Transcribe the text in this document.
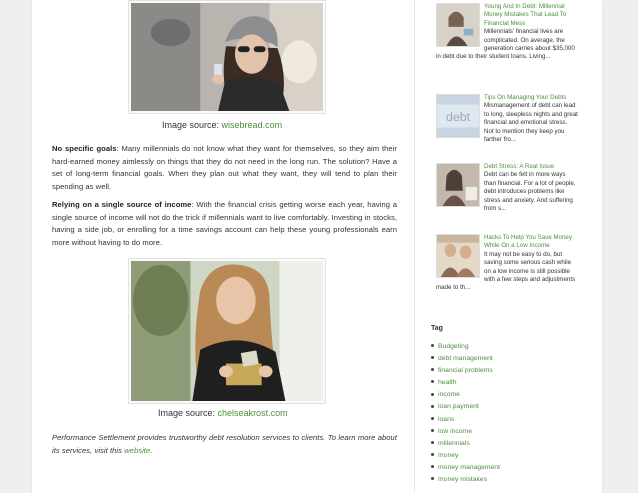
Image source: wisebread.com
No specific goals: Many millennials do not know what they want for themselves, so they aim their hard-earned money aimlessly on things that they do not need in the long run. The solution? Have a set of long-term financial goals. When they plan out what they want, they will tend to plan their spending as well.
Relying on a single source of income: With the financial crisis getting worse each year, having a single source of income will not do the trick if millennials want to live comfortably. Investing in stocks, having a side job, or enrolling for a time savings account can help these young professionals earn more without having to do more.
Image source: chelseakrost.com
Performance Settlement provides trustworthy debt resolution services to clients. To learn more about its services, visit this website.
Young And In Debt: Millennial Money Mistakes That Lead To Financial Mess
Millennials' financial lives are complicated. On average, the generation carries about $35,000 in debt due to their student loans. Living...
debt
Tips On Managing Your Debts
Mismanagement of debt can lead to long, sleepless nights and great financial and emotional stress. Not to mention they keep you farther fro...
Debt Stress: A Real Issue
Debt can be felt in more ways than financial. For a lot of people, debt introduces problems like stress and anxiety. And suffering from s...
Hacks To Help You Save Money While On a Low Income
It may not be easy to do, but saving some serious cash while on a low income is still possible with a few steps and adjustments made to th...
Tag
Budgeting
debt management
financial problems
health
income
loan payment
loans
low income
millennials
money
money management
money mistakes
